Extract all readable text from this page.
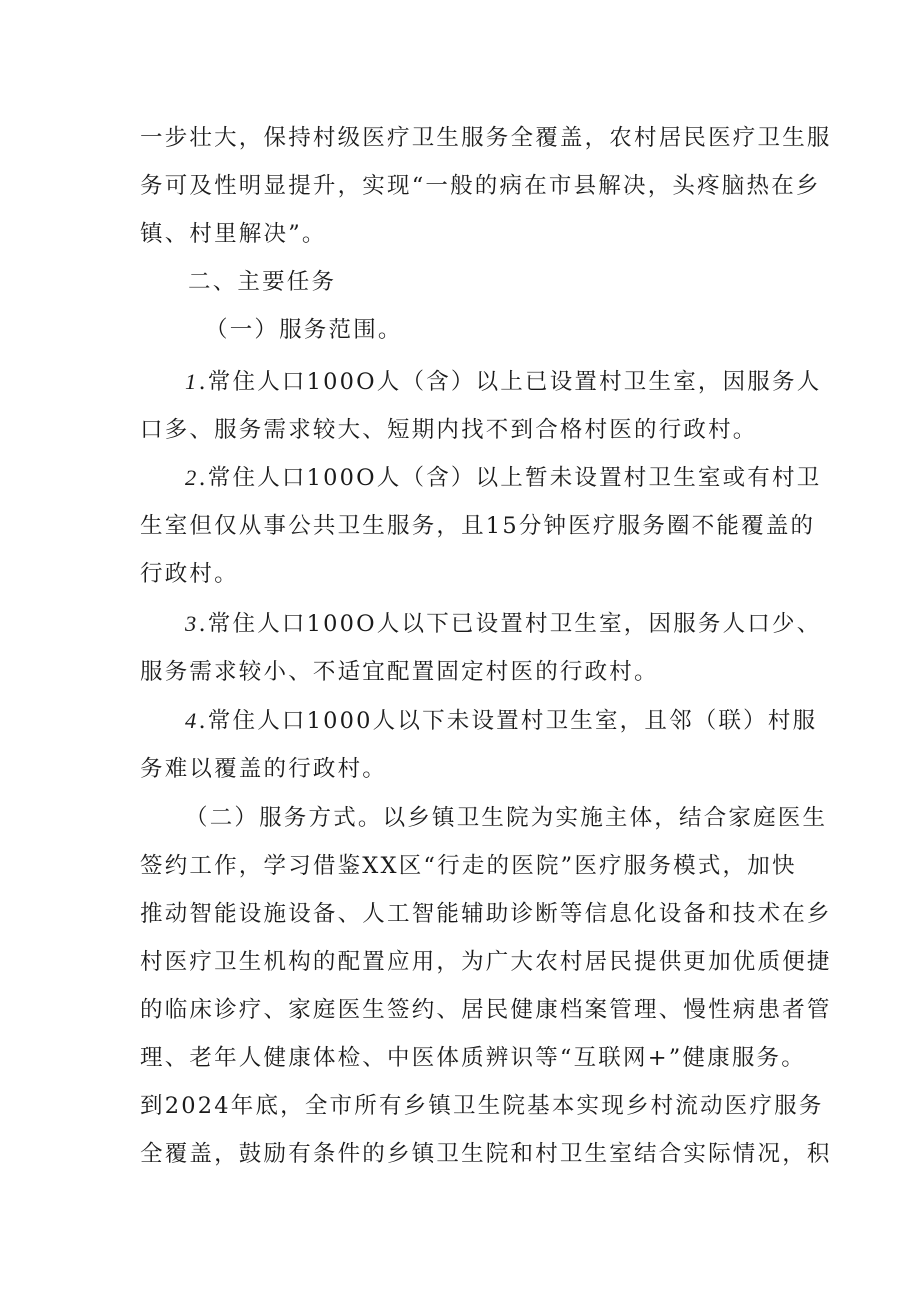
一步壮大，保持村级医疗卫生服务全覆盖，农村居民医疗卫生服
务可及性明显提升，实现“一般的病在市县解决，头疼脑热在乡
镇、村里解决”。
二、主要任务
（一）服务范围。
1.常住人口100O人（含）以上已设置村卫生室，因服务人
口多、服务需求较大、短期内找不到合格村医的行政村。
2.常住人口100O人（含）以上暂未设置村卫生室或有村卫
生室但仅从事公共卫生服务，且15分钟医疗服务圈不能覆盖的
行政村。
3.常住人口100O人以下已设置村卫生室，因服务人口少、
服务需求较小、不适宜配置固定村医的行政村。
4.常住人口1000人以下未设置村卫生室，且邻（联）村服
务难以覆盖的行政村。
（二）服务方式。以乡镇卫生院为实施主体，结合家庭医生
签约工作，学习借鉴XX区“行走的医院”医疗服务模式，加快
推动智能设施设备、人工智能辅助诊断等信息化设备和技术在乡
村医疗卫生机构的配置应用，为广大农村居民提供更加优质便捷
的临床诊疗、家庭医生签约、居民健康档案管理、慢性病患者管
理、老年人健康体检、中医体质辨识等“互联网+”健康服务。
到2024年底，全市所有乡镇卫生院基本实现乡村流动医疗服务
全覆盖，鼓励有条件的乡镇卫生院和村卫生室结合实际情况，积
